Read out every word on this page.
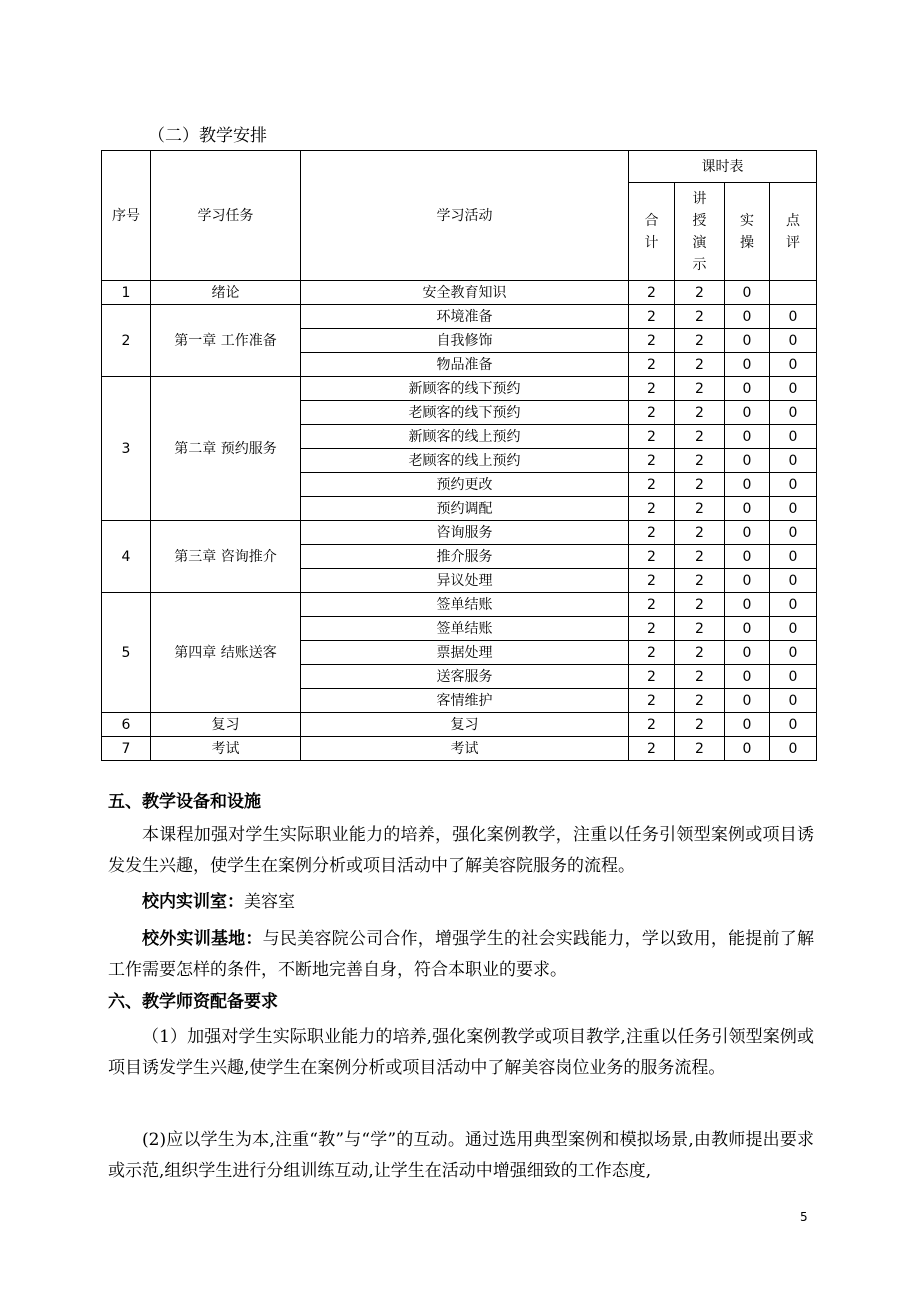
（二）教学安排
序号	学习任务	学习活动	课时表			

			合计	讲授演示	实操	点评

1	绪论	安全教育知识	2	2	0	
2	第一章 工作准备	环境准备	2	2	0	0
		自我修饰	2	2	0	0
		物品准备	2	2	0	0
3	第二章 预约服务	新顾客的线下预约	2	2	0	0
		老顾客的线下预约	2	2	0	0
		新顾客的线上预约	2	2	0	0
		老顾客的线上预约	2	2	0	0
		预约更改	2	2	0	0
		预约调配	2	2	0	0
4	第三章 咨询推介	咨询服务	2	2	0	0
		推介服务	2	2	0	0
		异议处理	2	2	0	0
5	第四章 结账送客	签单结账	2	2	0	0
		签单结账	2	2	0	0
		票据处理	2	2	0	0
		送客服务	2	2	0	0
		客情维护	2	2	0	0
6	复习	复习	2	2	0	0
7	考试	考试	2	2	0	0
五、教学设备和设施
本课程加强对学生实际职业能力的培养，强化案例教学，注重以任务引领型案例或项目诱发发生兴趣，使学生在案例分析或项目活动中了解美容院服务的流程。
校内实训室：美容室
校外实训基地：与民美容院公司合作，增强学生的社会实践能力，学以致用，能提前了解工作需要怎样的条件，不断地完善自身，符合本职业的要求。
六、教学师资配备要求
（1）加强对学生实际职业能力的培养,强化案例教学或项目教学,注重以任务引领型案例或项目诱发学生兴趣,使学生在案例分析或项目活动中了解美容岗位业务的服务流程。
(2)应以学生为本,注重“教”与“学”的互动。通过选用典型案例和模拟场景,由教师提出要求或示范,组织学生进行分组训练互动,让学生在活动中增强细致的工作态度,
5
